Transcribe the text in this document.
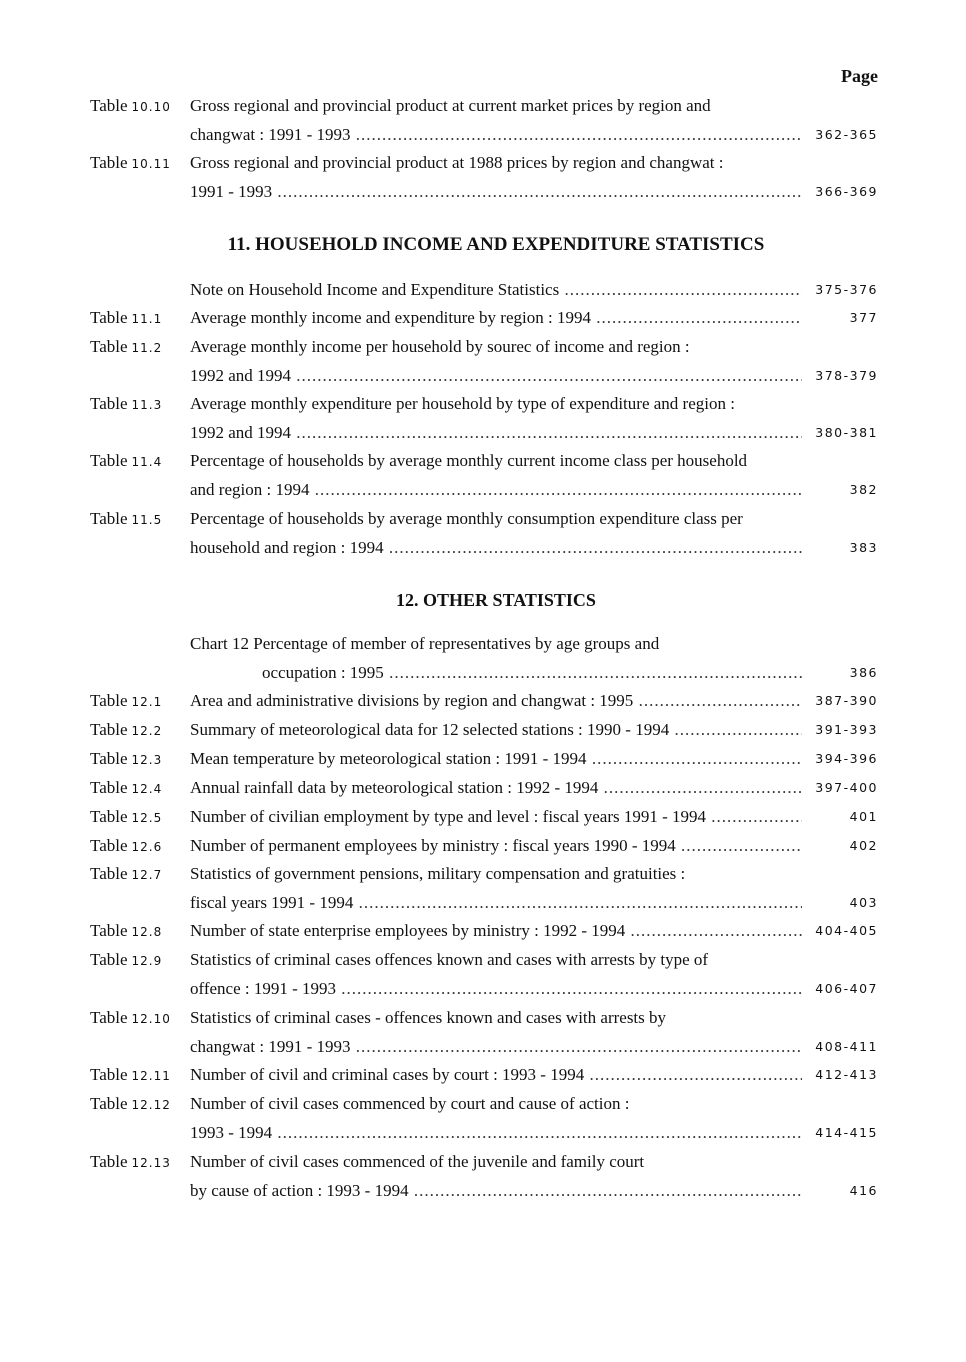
Page
11. HOUSEHOLD INCOME AND EXPENDITURE STATISTICS
12. OTHER STATISTICS
Table 10.10	Gross regional and provincial product at current market prices by region and
changwat : 1991 - 1993 .....	362-365
Table 10.11	Gross regional and provincial product at 1988 prices by region and changwat :
1991 - 1993 .....	366-369
Note on Household Income and Expenditure Statistics .....	375-376
Table 11.1	Average monthly income and expenditure by region : 1994 .....	377
Table 11.2	Average monthly income per household by sourec of income and region :
1992 and 1994 .....	378-379
Table 11.3	Average monthly expenditure per household by type of expenditure and region :
1992 and 1994 .....	380-381
Table 11.4	Percentage of households by average monthly current income class per household
and region : 1994 .....	382
Table 11.5	Percentage of households by average monthly consumption expenditure class per
household and region : 1994 .....	383
Chart 12 Percentage of member of representatives by age groups and
occupation : 1995 .....	386
Table 12.1	Area and administrative divisions by region and changwat : 1995 .....	387-390
Table 12.2	Summary of meteorological data for 12 selected stations : 1990 - 1994 .....	391-393
Table 12.3	Mean temperature by meteorological station : 1991 - 1994 .....	394-396
Table 12.4	Annual rainfall data by meteorological station : 1992 - 1994 .....	397-400
Table 12.5	Number of civilian employment by type and level : fiscal years 1991 - 1994 .....	401
Table 12.6	Number of permanent employees by ministry : fiscal years 1990 - 1994 .....	402
Table 12.7	Statistics of government pensions, military compensation and gratuities :
fiscal years 1991 - 1994 .....	403
Table 12.8	Number of state enterprise employees by ministry : 1992 - 1994 .....	404-405
Table 12.9	Statistics of criminal cases offences known and cases with arrests by type of
offence : 1991 - 1993 .....	406-407
Table 12.10	Statistics of criminal cases - offences known and cases with arrests by
changwat : 1991 - 1993 .....	408-411
Table 12.11	Number of civil and criminal cases by court : 1993 - 1994 .....	412-413
Table 12.12	Number of civil cases commenced by court and cause of action :
1993 - 1994 .....	414-415
Table 12.13	Number of civil cases commenced of the juvenile and family court
by cause of action : 1993 - 1994 .....	416
